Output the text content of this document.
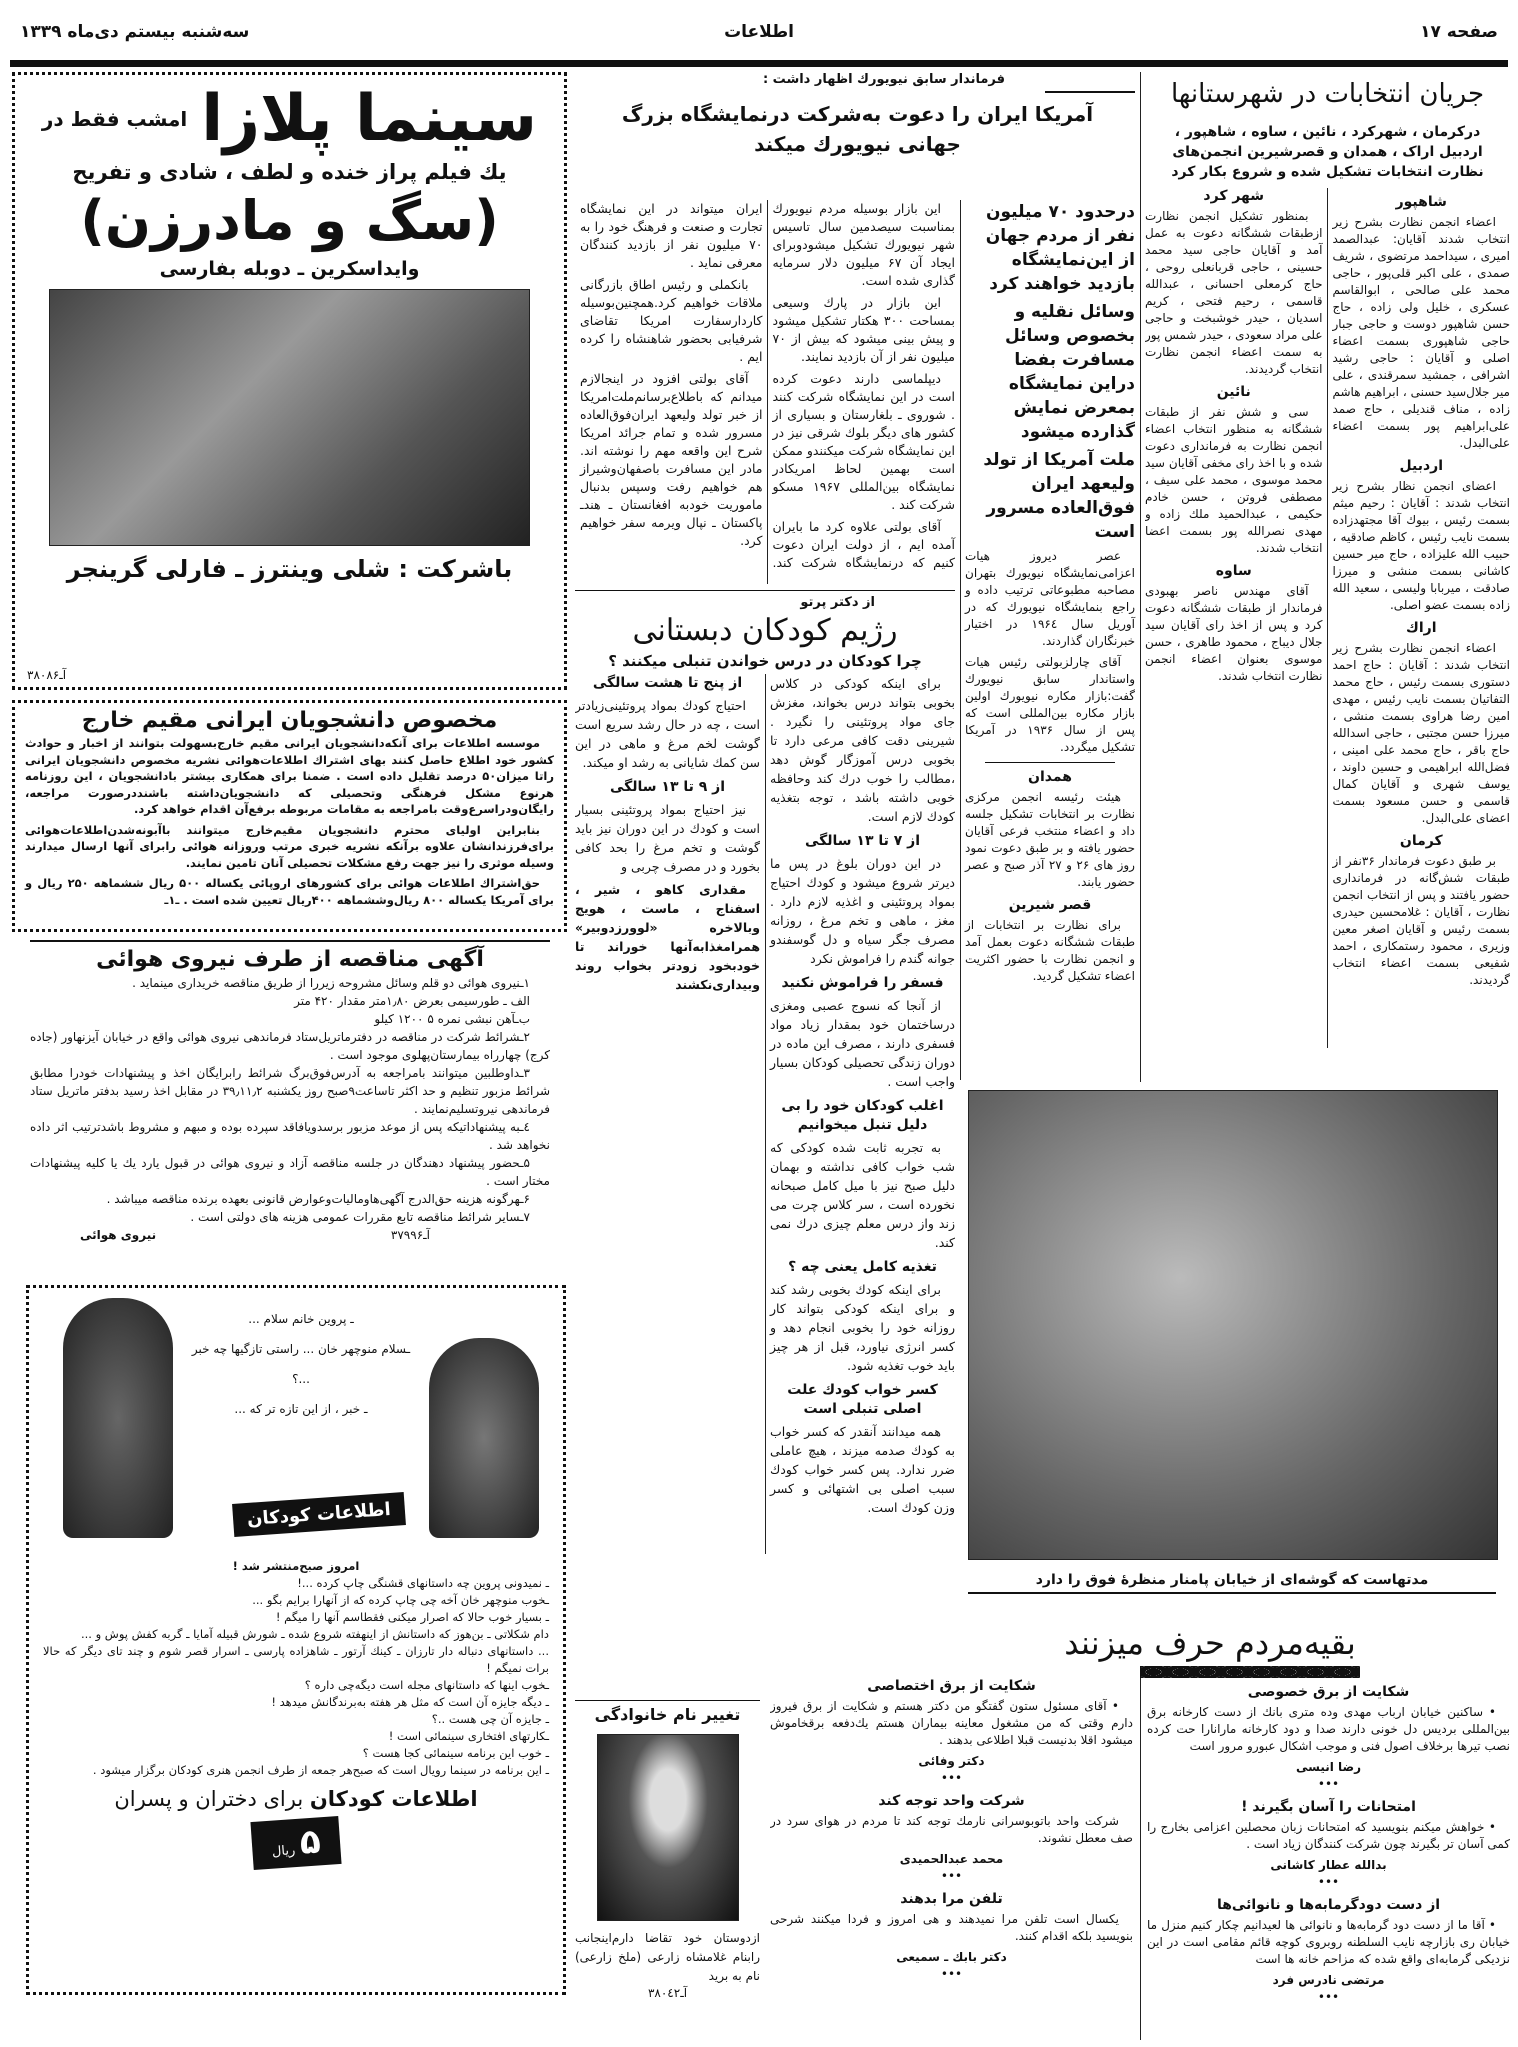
صفحه ۱۷
اطلاعات
سه‌شنبه بیستم دی‌ماه ۱۳۳۹
جریان انتخابات در شهرستانها
درکرمان ، شهرکرد ، نائین ، ساوه ، شاهپور ، اردبیل اراک ، همدان و قصرشیرین انجمن‌های نظارت انتخابات تشکیل شده و شروع بکار کرد
شاهپور

اعضاء انجمن نظارت بشرح زیر انتخاب شدند آقایان: عبدالصمد امیری ، سیداحمد مرتضوی ، شریف صمدی ، علی اکبر قلی‌پور ، حاجی محمد علی صالحی ، ابوالقاسم عسکری ، خلیل ولی زاده ، حاج حسن شاهپور دوست و حاجی جبار حاجی شاهپوری بسمت اعضاء اصلی و آقایان : حاجی رشید اشرافی ، جمشید سمرقندی ، علی میر جلال‌سید حسنی ، ابراهیم هاشم زاده ، مناف قندیلی ، حاج صمد علی‌ابراهیم پور بسمت اعضاء علی‌البدل.

اردبیل

اعضای انجمن نظار بشرح زیر انتخاب شدند : آقایان : رحیم میثم بسمت رئیس ، بیوك آقا مجتهدزاده بسمت نایب رئیس ، کاظم صادقیه ، حبیب الله علیزاده ، حاج میر حسین کاشانی بسمت منشی و میرزا صادقت ، میربابا ولیسی ، سعید الله زاده بسمت عضو اصلی.

اراك

اعضاء انجمن نظارت بشرح زیر انتخاب شدند : آقایان : حاج احمد دستوری بسمت رئیس ، حاج محمد التفاتیان بسمت نایب رئیس ، مهدی امین رضا هراوی بسمت منشی ، میرزا حسن مجتبی ، حاجی اسدالله حاج باقر ، حاج محمد علی امینی ، فضل‌الله ابراهیمی و حسین داوند ، یوسف شهری و آقایان کمال قاسمی و حسن مسعود بسمت اعضای علی‌البدل.

کرمان

بر طبق دعوت فرماندار ۳۶نفر از طبقات شش‌گانه در فرمانداری حضور یافتند و پس از انتخاب انجمن نظارت ، آقایان : غلامحسین حیدری بسمت رئیس و آقایان اصغر معین وزیری ، محمود رستمکاری ، احمد شفیعی بسمت اعضاء انتخاب گردیدند.

شهر کرد

بمنظور تشکیل انجمن نظارت ازطبقات ششگانه دعوت به عمل آمد و آقایان حاجی سید محمد حسینی ، حاجی قربانعلی روحی ، حاج کرمعلی احسانی ، عبدالله قاسمی ، رحیم فتحی ، کریم اسدیان ، حیدر خوشبخت و حاجی علی مراد سعودی ، حیدر شمس پور به سمت اعضاء انجمن نظارت انتخاب گردیدند.

نائین

سی و شش نفر از طبقات ششگانه به منظور انتخاب اعضاء انجمن نظارت به فرمانداری دعوت شده و با اخذ رای مخفی آقایان سید محمد موسوی ، محمد علی سیف ، مصطفی فروتن ، حسن خادم حکیمی ، عبدالحمید ملك زاده و مهدی نصرالله پور بسمت اعضا انتخاب شدند.

ساوه

آقای مهندس ناصر بهبودی فرماندار از طبقات ششگانه دعوت کرد و پس از اخذ رای آقایان سید جلال دیباج ، محمود طاهری ، حسن موسوی بعنوان اعضاء انجمن نظارت انتخاب شدند.

فرماندار سابق نیویورك اظهار داشت :
آمریکا ایران را دعوت به‌شرکت درنمایشگاه بزرگ جهانی نیویورك میکند

این بازار بوسیله مردم نیویورك بمناسبت سیصدمین سال تاسیس شهر نیویورك تشکیل میشودوبرای ایجاد آن ۶۷ میلیون دلار سرمایه گذاری شده است.

این بازار در پارك وسیعی بمساحت ۳۰۰ هکتار تشکیل میشود و پیش بینی میشود که بیش از ۷۰ میلیون نفر از آن بازدید نمایند.

دیپلماسی دارند دعوت کرده است در این نمایشگاه شرکت کنند . شوروی ـ بلغارستان و بسیاری از کشور های دیگر بلوك شرقی نیز در این نمایشگاه شرکت میکنندو ممکن است بهمین لحاظ امریکادر نمایشگاه بین‌المللی ۱۹۶۷ مسکو شرکت کند .

آقای بولتی علاوه کرد ما بایران آمده ایم ، از دولت ایران دعوت کنیم که درنمایشگاه شرکت کند. ایران میتواند در این نمایشگاه تجارت و صنعت و فرهنگ خود را به ۷۰ میلیون نفر از بازدید کنندگان معرفی نماید .

بانکملی و رئیس اطاق بازرگانی ملاقات خواهیم کرد.همچنین‌بوسیله کاردارسفارت امریکا تقاضای شرفیابی بحضور شاهنشاه را کرده ایم .

آقای بولتی افزود در اینجالازم میدانم که باطلاع‌برسانم‌ملت‌امریکا از خبر تولد ولیعهد ایران‌فوق‌العاده مسرور شده و تمام جرائد امریکا شرح این واقعه مهم را نوشته اند. مادر این مسافرت باصفهان‌وشیراز هم خواهیم رفت وسپس بدنبال ماموریت خودبه افغانستان ـ هندـ پاکستان ـ نپال ویرمه سفر خواهیم کرد.

درحدود ۷۰ میلیون نفر از مردم جهان از این‌نمایشگاه بازدید خواهند کرد
وسائل نقلیه و بخصوص وسائل مسافرت بفضا دراین نمایشگاه بمعرض نمایش گذارده میشود
ملت آمریکا از تولد ولیعهد ایران فوق‌العاده مسرور است

عصر دیروز هیات اعزامی‌نمایشگاه نیویورك بتهران مصاحبه مطبوعاتی ترتیب داده و راجع بنمایشگاه نیویورك که در آوریل سال ۱۹۶٤ در اختیار خبرنگاران گذاردند.

آقای چارلزبولتی رئیس هیات واستاندار سابق نیویورك گفت:بازار مکاره نیویورك اولین بازار مکاره بین‌المللی است که پس از سال ۱۹۳۶ در آمریکا تشکیل میگردد.

همدان

هیئت رئیسه انجمن مرکزی نظارت بر انتخابات تشکیل جلسه داد و اعضاء منتخب فرعی آقایان حضور یافته و بر طبق دعوت نمود روز های ۲۶ و ۲۷ آذر صبح و عصر حضور یابند.

قصر شیرین

برای نظارت بر انتخابات از طبقات ششگانه دعوت بعمل آمد و انجمن نظارت با حضور اکثریت اعضاء تشکیل گردید.

از دکتر پرتو
رژیم کودکان دبستانی
چرا کودکان در درس خواندن تنبلی میکنند ؟

برای اینکه کودکی در کلاس بخوبی بتواند درس بخواند، مغزش جای مواد پروتئینی را نگیرد . شیرینی دقت کافی مرعی دارد تا بخوبی درس آموزگار گوش دهد ،مطالب را خوب درك کند وحافظه خوبی داشته باشد ، توجه بتغذیه کودك لازم است.

از ۷ تا ۱۳ سالگی

در این دوران بلوغ در پس ما دیرتر شروع میشود و کودك احتیاج بمواد پروتئینی و اغذیه لازم دارد . مغز ، ماهی و تخم مرغ ، روزانه مصرف جگر سیاه و دل گوسفندو جوانه گندم را فراموش نکرد

فسفر را فراموش نکنید

از آنجا که نسوج عصبی ومغزی درساختمان خود بمقدار زیاد مواد فسفری دارند ، مصرف این ماده در دوران زندگی تحصیلی کودکان بسیار واجب است .

اغلب کودکان خود را بی دلیل تنبل میخوانیم

به تجربه ثابت شده کودکی که شب خواب کافی نداشته و بهمان دلیل صبح نیز با میل کامل صبحانه نخورده است ، سر کلاس چرت می زند واز درس معلم چیزی درك نمی کند.

تغذیه کامل یعنی چه ؟

برای اینکه کودك بخوبی رشد کند و برای اینکه کودکی بتواند کار روزانه خود را بخوبی انجام دهد و کسر انرژی نیاورد، قبل از هر چیز باید خوب تغذیه شود.

کسر خواب کودك علت اصلی تنبلی است

همه میدانند آنقدر که کسر خواب به کودك صدمه میزند ، هیچ عاملی ضرر ندارد. پس کسر خواب کودك سبب اصلی بی اشتهائی و کسر وزن کودك است.

از پنج تا هشت سالگی

احتیاج کودك بمواد پروتئینی‌زیادتر است ، چه در حال رشد سریع است گوشت لخم مرغ و ماهی در این سن کمك شایانی به رشد او میکند.

از ۹ تا ۱۳ سالگی

نیز احتیاج بمواد پروتئینی بسیار است و کودك در این دوران نیز باید گوشت و تخم مرغ را بحد کافی بخورد و در مصرف چربی و

مقداری کاهو ، شیر ، اسفناج ، ماست ، هویج وبالاخره «لوورزدوبیر» همرامغذابه‌آنها خوراند تا خودبخود زودتر بخواب روند وبیداری‌نکشند

مدتهاست که گوشه‌ای از خیابان پامنار منظرهٔ فوق را دارد
بقیه‌مردم حرف میزنند
شکایت از برق خصوصی

• ساکنین خیابان ارباب مهدی وده متری بانك از دست کارخانه برق بین‌المللی بردیس دل خونی دارند صدا و دود کارخانه مارانارا حت کرده نصب تیرها برخلاف اصول فنی و موجب اشکال عبورو مرور است

رضا انیسی
•••
امتحانات را آسان بگیرند !

• خواهش میکنم بنویسید که امتحانات زبان محصلین اعزامی بخارج را کمی آسان تر بگیرند چون شرکت کنندگان زیاد است .

بدالله عطار کاشانی
•••
از دست دودگرمابه‌ها و نانوائی‌ها

• آقا ما از دست دود گرمابه‌ها و نانوائی ها لعیدانیم چکار کنیم منزل ما خیابان ری بازارچه نایب السلطنه روبروی کوچه قائم مقامی است در این نزدیکی گرمابه‌ای واقع شده که مزاحم خانه ها است

مرتضی نادرس فرد
•••
شکایت از برق اختصاصی

• آقای مسئول ستون گفتگو من دکتر هستم و شکایت از برق فیروز دارم وقتی که من مشغول معاینه بیماران هستم یك‌دفعه برقخاموش میشود اقلا بدنیست قبلا اطلاعی بدهند .

دکتر وفائی
•••
شرکت واحد توجه کند

شرکت واحد باتوبوسرانی نارمك توجه کند تا مردم در هوای سرد در صف معطل نشوند.

محمد عبدالحمیدی
•••
تلفن مرا بدهند

یکسال است تلفن مرا نمیدهند و هی امروز و فردا میکنند شرحی بنویسید بلکه اقدام کنند.

دکتر بابك ـ سمیعی
•••
تغییر نام خانوادگی
ازدوستان خود تقاضا دارم‌اینجانب رابنام غلامشاه زارعی (ملخ زارعی) نام به برید
آـ۳۸۰٤۲
سینما پلازا
امشب فقط در
یك فیلم پراز خنده و لطف ، شادی و تفریح
(سگ و مادرزن)
وایداسکرین ـ دوبله بفارسی
باشرکت : شلی وینترز ـ فارلی گرینجر
آـ۳۸۰۸۶
مخصوص دانشجویان ایرانی مقیم خارج

موسسه اطلاعات برای آنکه‌دانشجویان ایرانی مقیم خارج‌بسهولت بتوانند از اخبار و حوادث کشور خود اطلاع حاصل کنند بهای اشتراك اطلاعات‌هوائی نشریه مخصوص دانشجویان ایرانی راتا میزان۵۰ درصد تقلیل داده است . ضمنا برای همکاری بیشتر بادانشجویان ، این روزنامه هرنوع مشکل فرهنگی وتحصیلی که دانشجویان‌داشته باشنددرصورت مراجعه، رایگان‌ودراسرع‌وقت بامراجعه به مقامات مربوطه برفع‌آن اقدام خواهد کرد.

بنابراین اولیای محترم دانشجویان مقیم‌خارج میتوانند باآبونه‌شدن‌اطلاعات‌هوائی برای‌فرزندانشان علاوه برآنکه نشریه خبری مرتب وروزانه هوائی رابرای آنها ارسال میدارند وسیله موثری را نیز جهت رفع مشکلات تحصیلی آنان تامین نمایند.

حق‌اشتراك اطلاعات هوائی برای کشورهای اروپائی یکساله ۵۰۰ ریال ششماهه ۲۵۰ ریال و برای آمریکا یکساله ۸۰۰ ریال‌وششماهه ۴۰۰ریال تعیین شده است . ـ۱ـ

آگهی مناقصه از طرف نیروی هوائی
۱ـنیروی هوائی دو قلم وسائل مشروحه زیررا از طریق مناقصه خریداری مینماید .
الف ـ طورسیمی بعرض ۱٫۸۰متر مقدار ۴۲۰ متر
ب‌ـآهن نبشی نمره ۵ ۱۲۰۰ کیلو
۲ـشرائط شرکت در مناقصه در دفترماتریل‌ستاد فرماندهی نیروی هوائی واقع در خیابان آیزنهاور (جاده کرج) چهارراه بیمارستان‌پهلوی موجود است .
۳ـداوطلبین میتوانند بامراجعه به آدرس‌فوق‌برگ شرائط رابرایگان اخذ و پیشنهادات خودرا مطابق شرائط مزبور تنظیم و حد اکثر تاساعت۹صبح روز یکشنبه ۳۹٫۱۱٫۲ در مقابل اخذ رسید بدفتر ماتریل ستاد فرماندهی نیروتسلیم‌نمایند .
٤ـبه پیشنهاداتیکه پس از موعد مزبور برسدویافاقد سپرده بوده و مبهم و مشروط باشدترتیب اثر داده نخواهد شد .
۵ـحضور پیشنهاد دهندگان در جلسه مناقصه آزاد و نیروی هوائی در قبول یارد یك یا کلیه پیشنهادات مختار است .
۶ـهرگونه هزینه حق‌الدرج آگهی‌هاومالیات‌وعوارض قانونی بعهده برنده مناقصه میباشد .
۷ـسایر شرائط مناقصه تابع مقررات عمومی هزینه های دولتی است .
آـ۳۷۹۹۶
نیروی هوائی
ـ پروین خانم سلام ...
ـسلام منوچهر خان ... راستی تازگیها چه خبر ...؟
ـ خبر ، از این تازه تر که ...
اطلاعات کودکان
امروز صبح‌منتشر شد !
ـ نمیدونی پروین چه داستانهای قشنگی چاپ کرده ...!
ـخوب منوچهر خان آخه چی چاپ کرده که از آنهارا برایم بگو ...
ـ بسیار خوب حالا که اصرار میکنی فقطاسم آنها را میگم !
دام شکلاتی ـ بن‌هوز که داستانش از اینهفته شروع شده ـ شورش قبیله آمایا ـ گربه کفش پوش و ...
... داستانهای دنباله دار تارزان ـ کینك آرتور ـ شاهزاده پارسی ـ اسرار قصر شوم و چند تای دیگر که حالا برات نمیگم !
ـخوب اینها که داستانهای مجله است دیگه‌چی داره ؟
ـ دیگه جایزه آن است که مثل هر هفته به‌برندگانش میدهد !
ـ جایزه آن چی هست ..؟
ـکارتهای افتخاری سینمائی است !
ـ خوب این برنامه سینمائی کجا هست ؟
ـ این برنامه در سینما رویال است که صبح‌هر جمعه از طرف انجمن هنری کودکان برگزار میشود .
اطلاعات کودکان برای دختران و پسران
۵ ریال
